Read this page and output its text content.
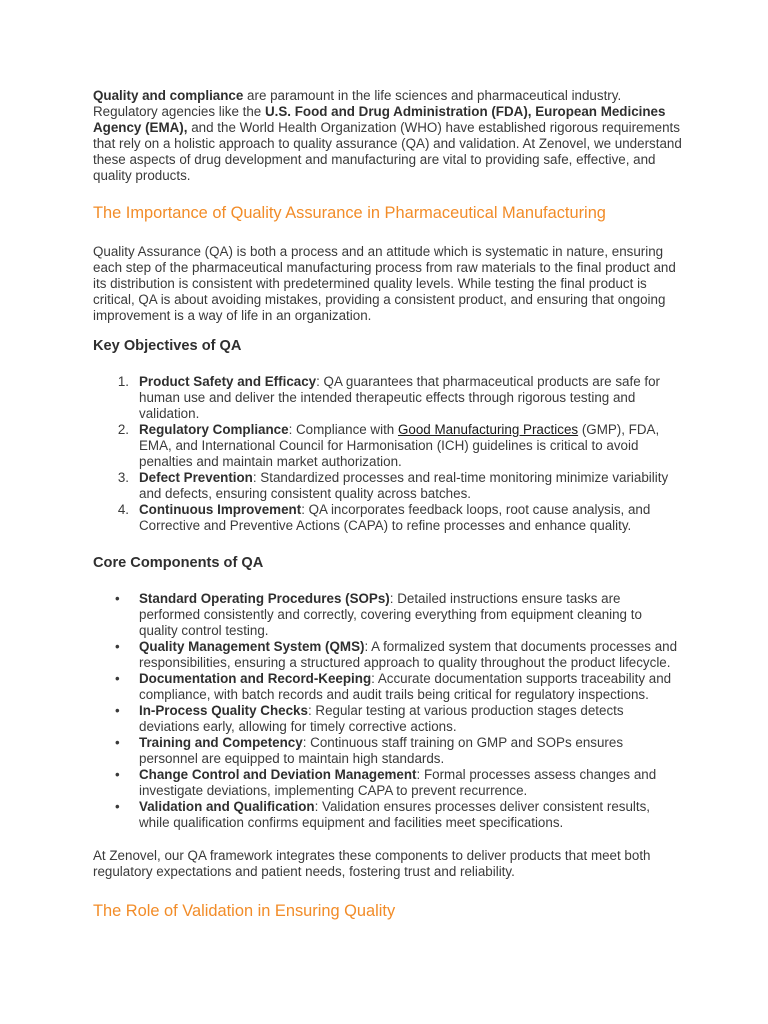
Quality and compliance are paramount in the life sciences and pharmaceutical industry. Regulatory agencies like the U.S. Food and Drug Administration (FDA), European Medicines Agency (EMA), and the World Health Organization (WHO) have established rigorous requirements that rely on a holistic approach to quality assurance (QA) and validation. At Zenovel, we understand these aspects of drug development and manufacturing are vital to providing safe, effective, and quality products.

The Importance of Quality Assurance in Pharmaceutical Manufacturing

Quality Assurance (QA) is both a process and an attitude which is systematic in nature, ensuring each step of the pharmaceutical manufacturing process from raw materials to the final product and its distribution is consistent with predetermined quality levels. While testing the final product is critical, QA is about avoiding mistakes, providing a consistent product, and ensuring that ongoing improvement is a way of life in an organization.

Key Objectives of QA
1. Product Safety and Efficacy: QA guarantees that pharmaceutical products are safe for human use and deliver the intended therapeutic effects through rigorous testing and validation.
2. Regulatory Compliance: Compliance with Good Manufacturing Practices (GMP), FDA, EMA, and International Council for Harmonisation (ICH) guidelines is critical to avoid penalties and maintain market authorization.
3. Defect Prevention: Standardized processes and real-time monitoring minimize variability and defects, ensuring consistent quality across batches.
4. Continuous Improvement: QA incorporates feedback loops, root cause analysis, and Corrective and Preventive Actions (CAPA) to refine processes and enhance quality.
Core Components of QA
•	Standard Operating Procedures (SOPs): Detailed instructions ensure tasks are performed consistently and correctly, covering everything from equipment cleaning to quality control testing.
•	Quality Management System (QMS): A formalized system that documents processes and responsibilities, ensuring a structured approach to quality throughout the product lifecycle.
•	Documentation and Record-Keeping: Accurate documentation supports traceability and compliance, with batch records and audit trails being critical for regulatory inspections.
•	In-Process Quality Checks: Regular testing at various production stages detects deviations early, allowing for timely corrective actions.
•	Training and Competency: Continuous staff training on GMP and SOPs ensures personnel are equipped to maintain high standards.
•	Change Control and Deviation Management: Formal processes assess changes and investigate deviations, implementing CAPA to prevent recurrence.
•	Validation and Qualification: Validation ensures processes deliver consistent results, while qualification confirms equipment and facilities meet specifications.

At Zenovel, our QA framework integrates these components to deliver products that meet both regulatory expectations and patient needs, fostering trust and reliability.

The Role of Validation in Ensuring Quality
